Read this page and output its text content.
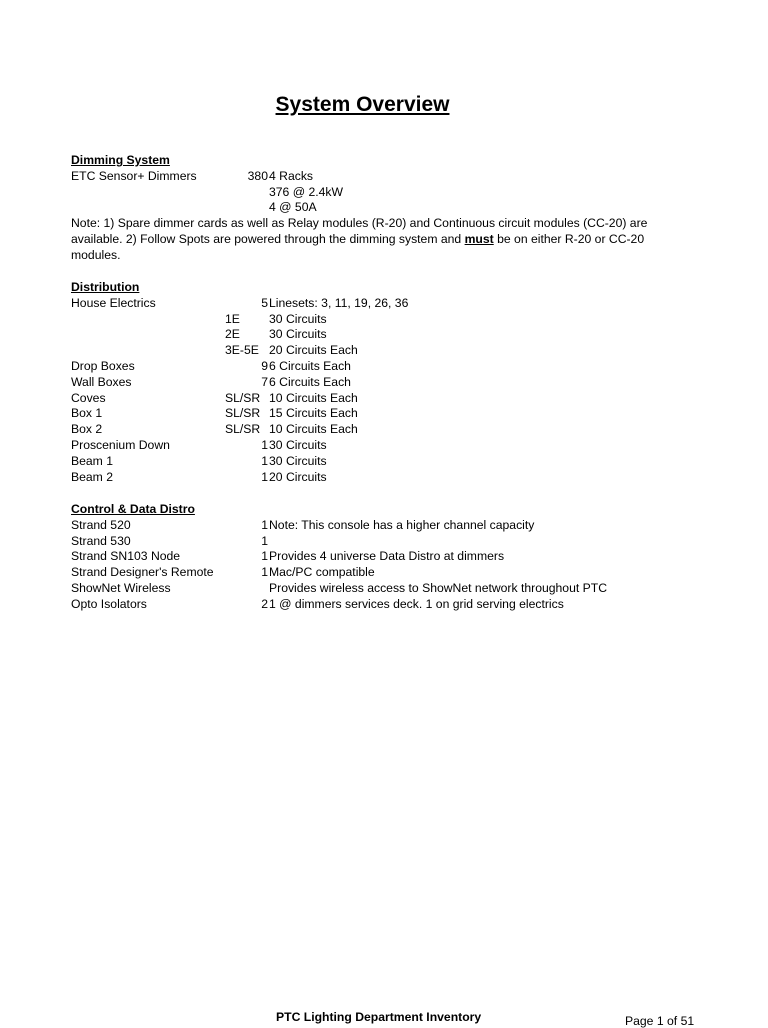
System Overview
Dimming System
ETC Sensor+ Dimmers	380 4 Racks
376 @ 2.4kW
4 @ 50A
Note: 1) Spare dimmer cards as well as Relay modules (R-20) and Continuous circuit modules (CC-20) are available. 2) Follow Spots are powered through the dimming system and must be on either R-20 or CC-20 modules.
Distribution
House Electrics	5 Linesets: 3, 11, 19, 26, 36
1E 30 Circuits
2E 30 Circuits
3E-5E 20 Circuits Each
Drop Boxes	9 6 Circuits Each
Wall Boxes	7 6 Circuits Each
Coves	SL/SR 10 Circuits Each
Box 1	SL/SR 15 Circuits Each
Box 2	SL/SR 10 Circuits Each
Proscenium Down	1 30 Circuits
Beam 1	1 30 Circuits
Beam 2	1 20 Circuits
Control & Data Distro
Strand 520	1 Note: This console has a higher channel capacity
Strand 530	1
Strand SN103 Node	1 Provides 4 universe Data Distro at dimmers
Strand Designer's Remote	1 Mac/PC compatible
ShowNet Wireless	Provides wireless access to ShowNet network throughout PTC
Opto Isolators	2 1 @ dimmers services deck. 1 on grid serving electrics
PTC Lighting Department Inventory	Page 1 of 51
